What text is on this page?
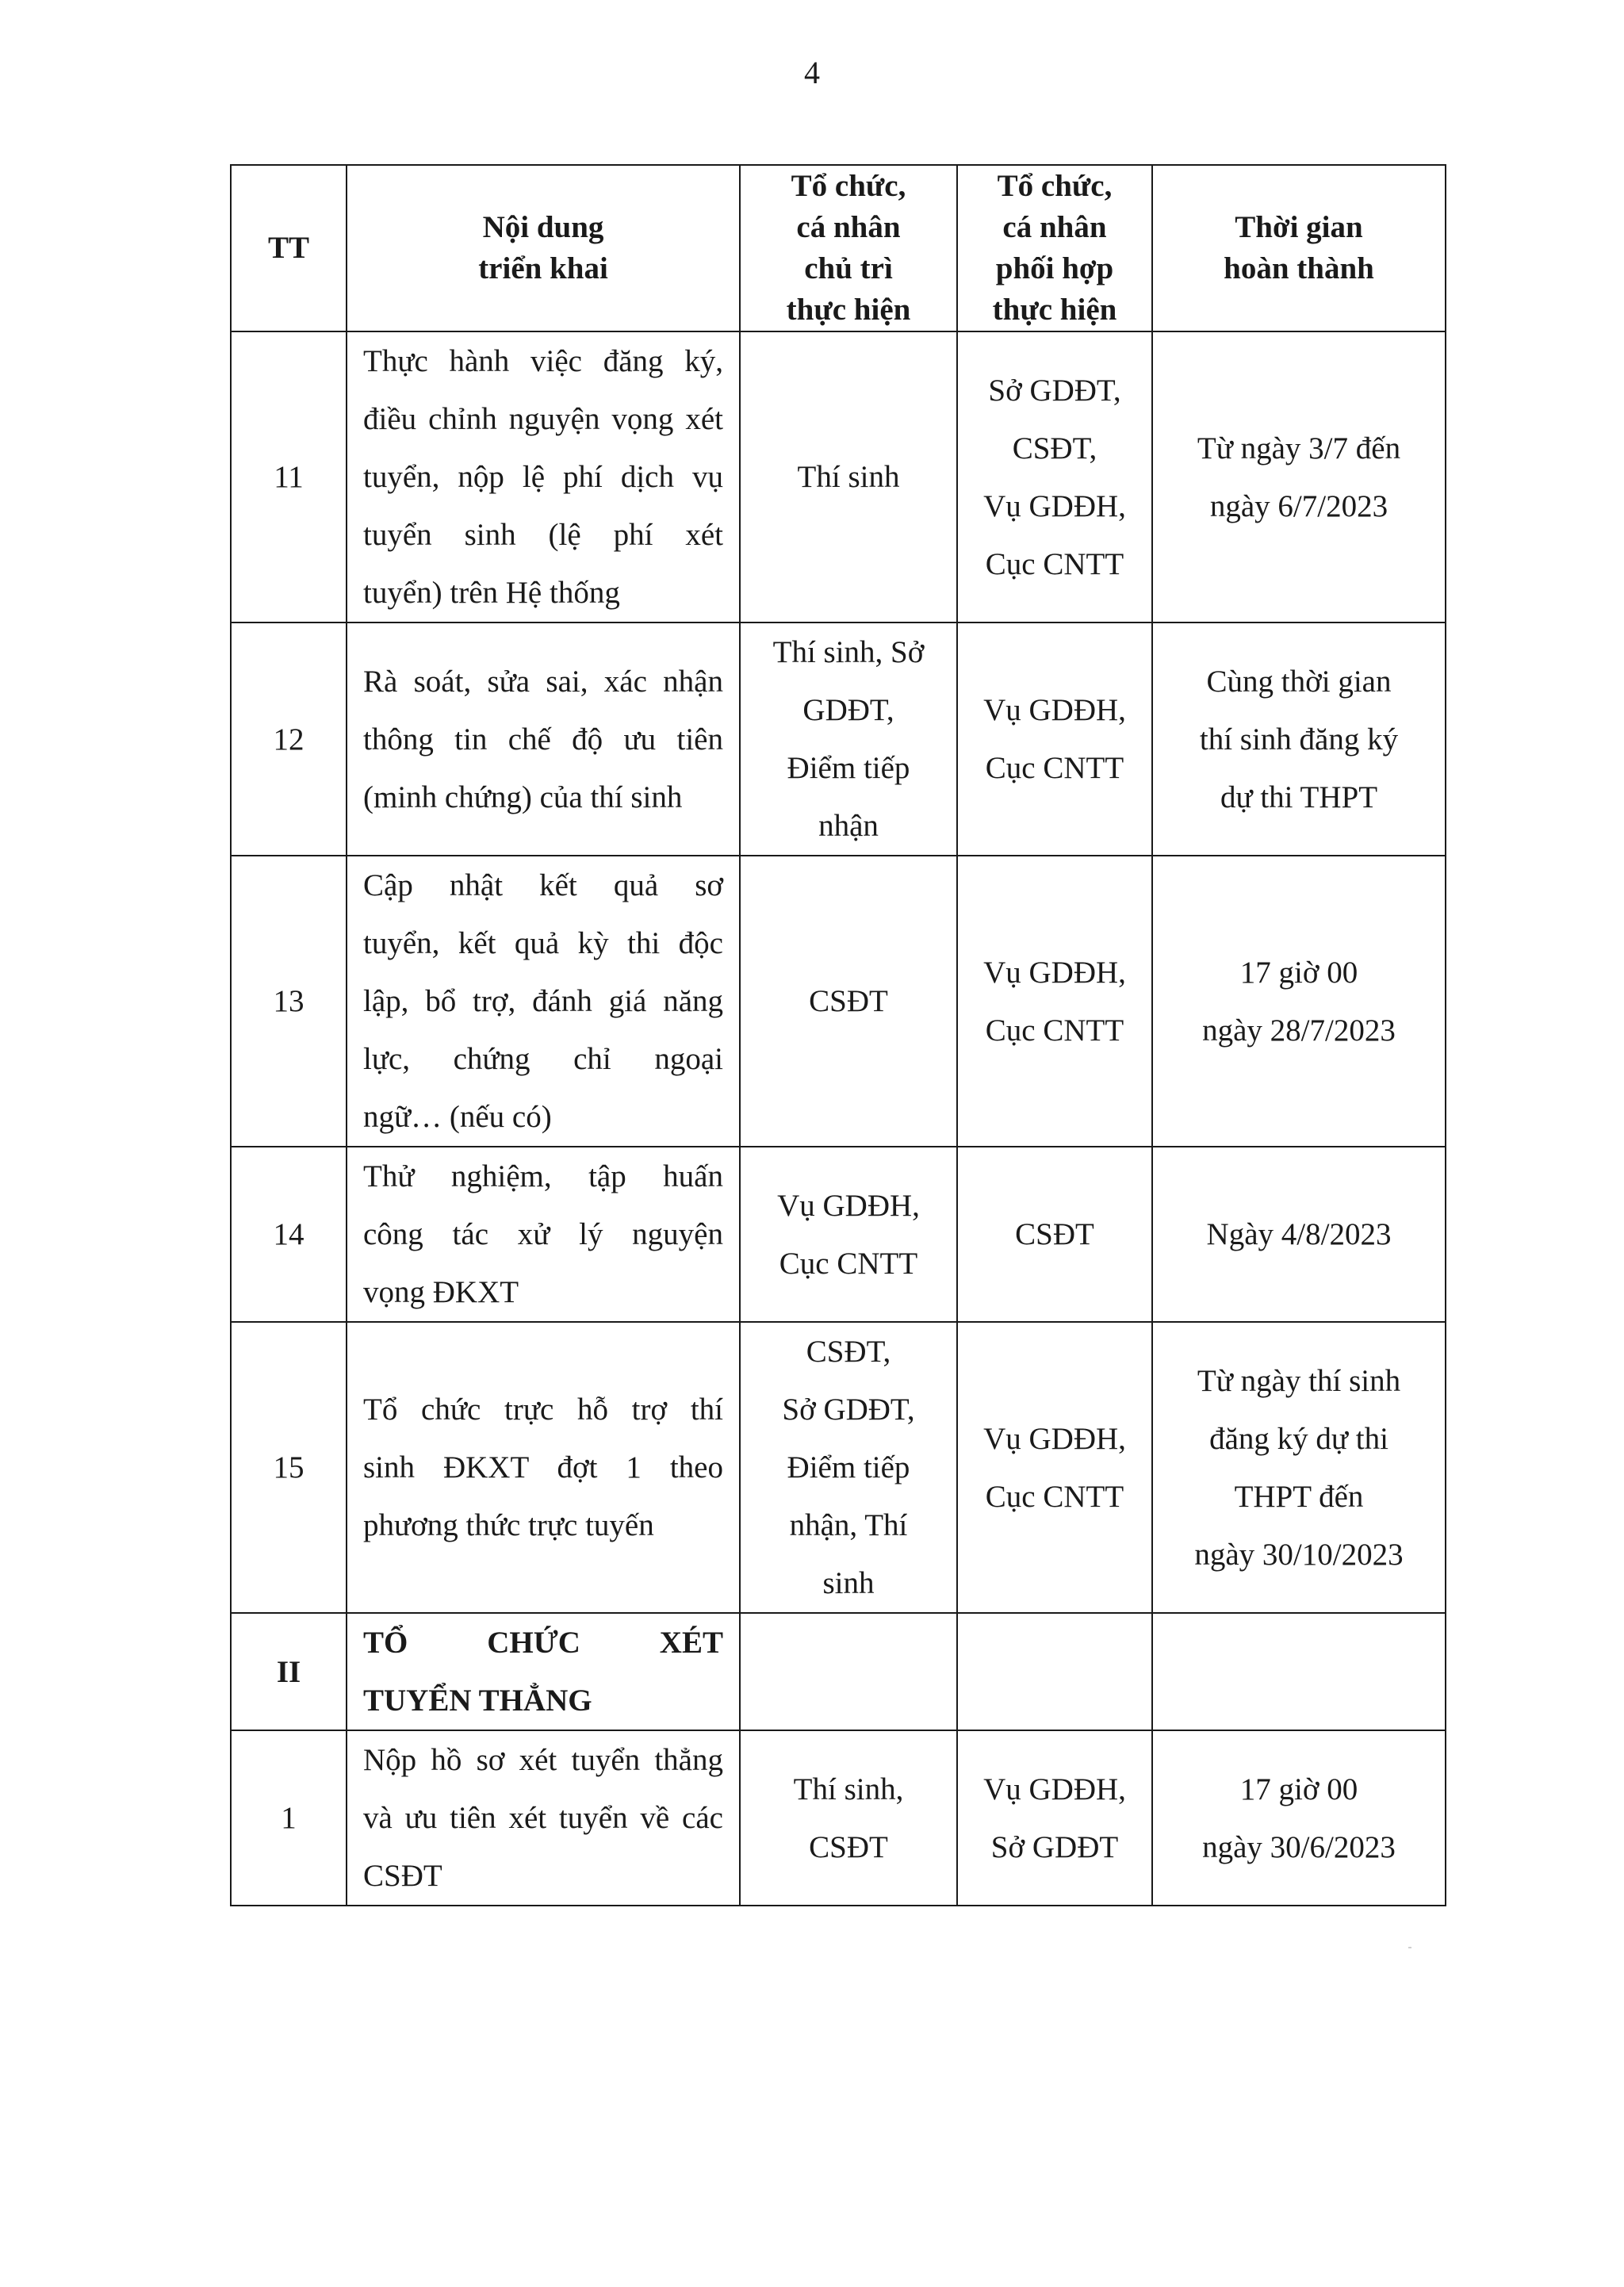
4
TT	Nội dung
triển khai	Tổ chức,
cá nhân
chủ trì
thực hiện	Tổ chức,
cá nhân
phối hợp
thực hiện	Thời gian
hoàn thành

11	Thực hành việc đăng ký,
điều chỉnh nguyện vọng xét
tuyển, nộp lệ phí dịch vụ
tuyển sinh (lệ phí xét
tuyển) trên Hệ thống	Thí sinh	Sở GDĐT,
CSĐT,
Vụ GDĐH,
Cục CNTT	Từ ngày 3/7 đến
ngày 6/7/2023

12	Rà soát, sửa sai, xác nhận
thông tin chế độ ưu tiên
(minh chứng) của thí sinh	Thí sinh, Sở
GDĐT,
Điểm tiếp
nhận	Vụ GDĐH,
Cục CNTT	Cùng thời gian
thí sinh đăng ký
dự thi THPT

13	Cập nhật kết quả sơ
tuyển, kết quả kỳ thi độc
lập, bổ trợ, đánh giá năng
lực, chứng chỉ ngoại
ngữ… (nếu có)	CSĐT	Vụ GDĐH,
Cục CNTT	17 giờ 00
ngày 28/7/2023

14	Thử nghiệm, tập huấn
công tác xử lý nguyện
vọng ĐKXT	Vụ GDĐH,
Cục CNTT	CSĐT	Ngày 4/8/2023

15	Tổ chức trực hỗ trợ thí
sinh ĐKXT đợt 1 theo
phương thức trực tuyến	CSĐT,
Sở GDĐT,
Điểm tiếp
nhận, Thí
sinh	Vụ GDĐH,
Cục CNTT	Từ ngày thí sinh
đăng ký dự thi
THPT đến
ngày 30/10/2023

II	TỔ CHỨC XÉT
TUYỂN THẲNG			

1	Nộp hồ sơ xét tuyển thẳng
và ưu tiên xét tuyển về các
CSĐT	Thí sinh,
CSĐT	Vụ GDĐH,
Sở GDĐT	17 giờ 00
ngày 30/6/2023
